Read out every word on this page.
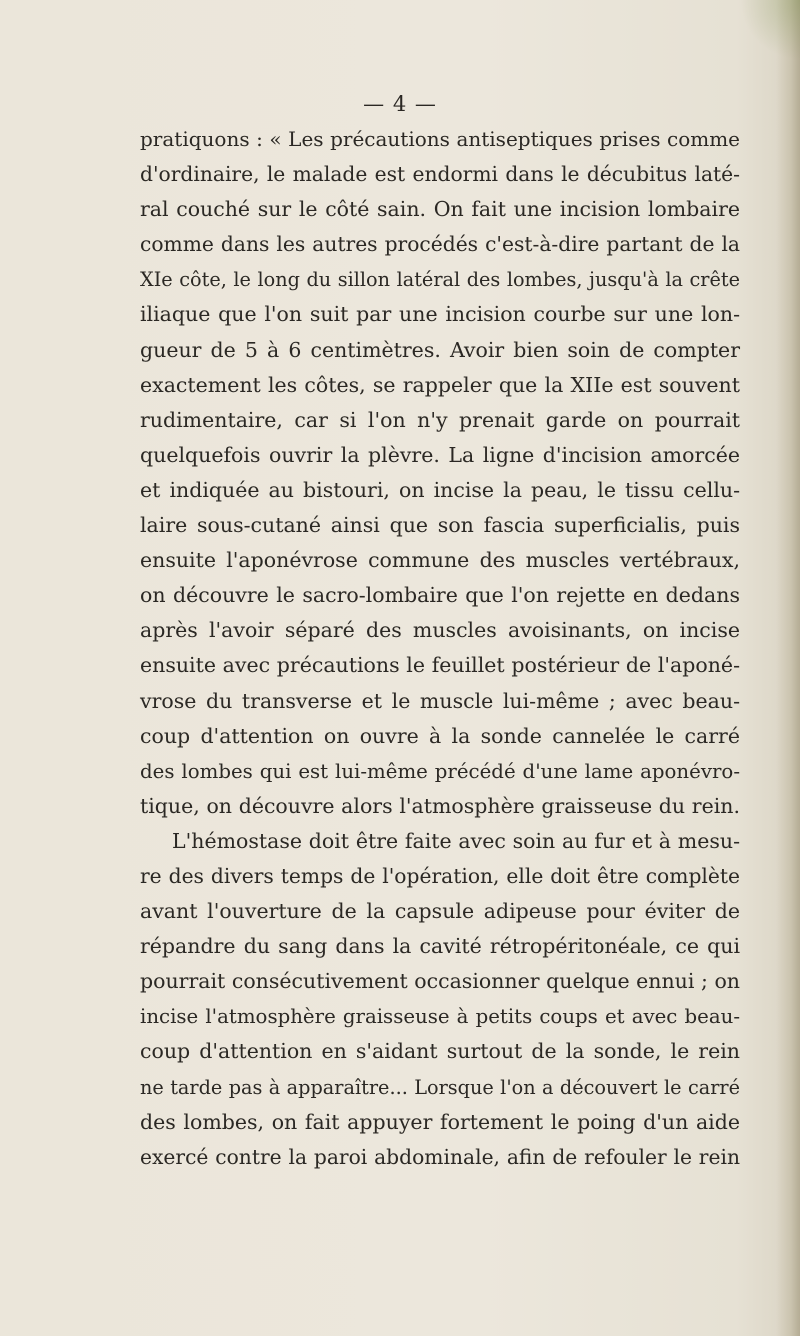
— 4 —
pratiquons : « Les précautions antiseptiques prises comme
d'ordinaire, le malade est endormi dans le décubitus laté-
ral couché sur le côté sain. On fait une incision lombaire
comme dans les autres procédés c'est-à-dire partant de la
XIe côte, le long du sillon latéral des lombes, jusqu'à la crête
iliaque que l'on suit par une incision courbe sur une lon-
gueur de 5 à 6 centimètres. Avoir bien soin de compter
exactement les côtes, se rappeler que la XIIe est souvent
rudimentaire, car si l'on n'y prenait garde on pourrait
quelquefois ouvrir la plèvre. La ligne d'incision amorcée
et indiquée au bistouri, on incise la peau, le tissu cellu-
laire sous-cutané ainsi que son fascia superficialis, puis
ensuite l'aponévrose commune des muscles vertébraux,
on découvre le sacro-lombaire que l'on rejette en dedans
après l'avoir séparé des muscles avoisinants, on incise
ensuite avec précautions le feuillet postérieur de l'aponé-
vrose du transverse et le muscle lui-même ; avec beau-
coup d'attention on ouvre à la sonde cannelée le carré
des lombes qui est lui-même précédé d'une lame aponévro-
tique, on découvre alors l'atmosphère graisseuse du rein.
L'hémostase doit être faite avec soin au fur et à mesu-
re des divers temps de l'opération, elle doit être complète
avant l'ouverture de la capsule adipeuse pour éviter de
répandre du sang dans la cavité rétropéritonéale, ce qui
pourrait consécutivement occasionner quelque ennui ; on
incise l'atmosphère graisseuse à petits coups et avec beau-
coup d'attention en s'aidant surtout de la sonde, le rein
ne tarde pas à apparaître... Lorsque l'on a découvert le carré
des lombes, on fait appuyer fortement le poing d'un aide
exercé contre la paroi abdominale, afin de refouler le rein
